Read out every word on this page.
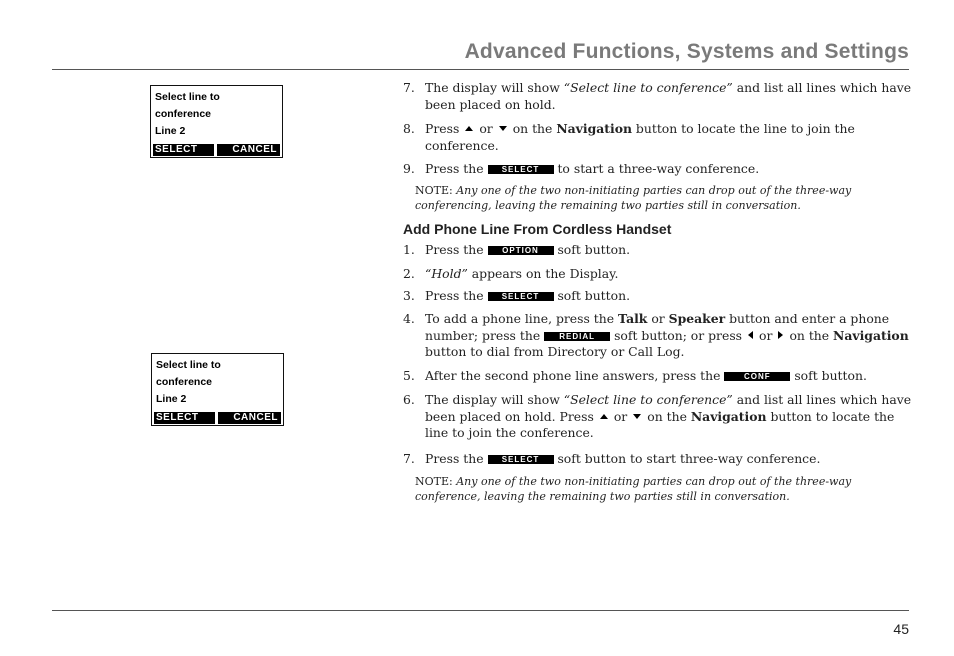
Advanced Functions, Systems and Settings
Select line to
conference
Line 2
SELECT	CANCEL
Select line to
conference
Line 2
SELECT	CANCEL
7. The display will show “Select line to conference” and list all lines which have been placed on hold.
8. Press or on the Navigation button to locate the line to join the conference.
9. Press the SELECT to start a three-way conference.
NOTE: Any one of the two non-initiating parties can drop out of the three-way conferencing, leaving the remaining two parties still in conversation.
Add Phone Line From Cordless Handset
1. Press the OPTION soft button.
2. “Hold” appears on the Display.
3. Press the SELECT soft button.
4. To add a phone line, press the Talk or Speaker button and enter a phone number; press the REDIAL soft button; or press or on the Navigation button to dial from Directory or Call Log.
5. After the second phone line answers, press the	CONF soft button.
6. The display will show “Select line to conference” and list all lines which have been placed on hold. Press or on the Navigation button to locate the line to join the conference.
7. Press the SELECT soft button to start three-way conference.
NOTE: Any one of the two non-initiating parties can drop out of the three-way conference, leaving the remaining two parties still in conversation.
45
